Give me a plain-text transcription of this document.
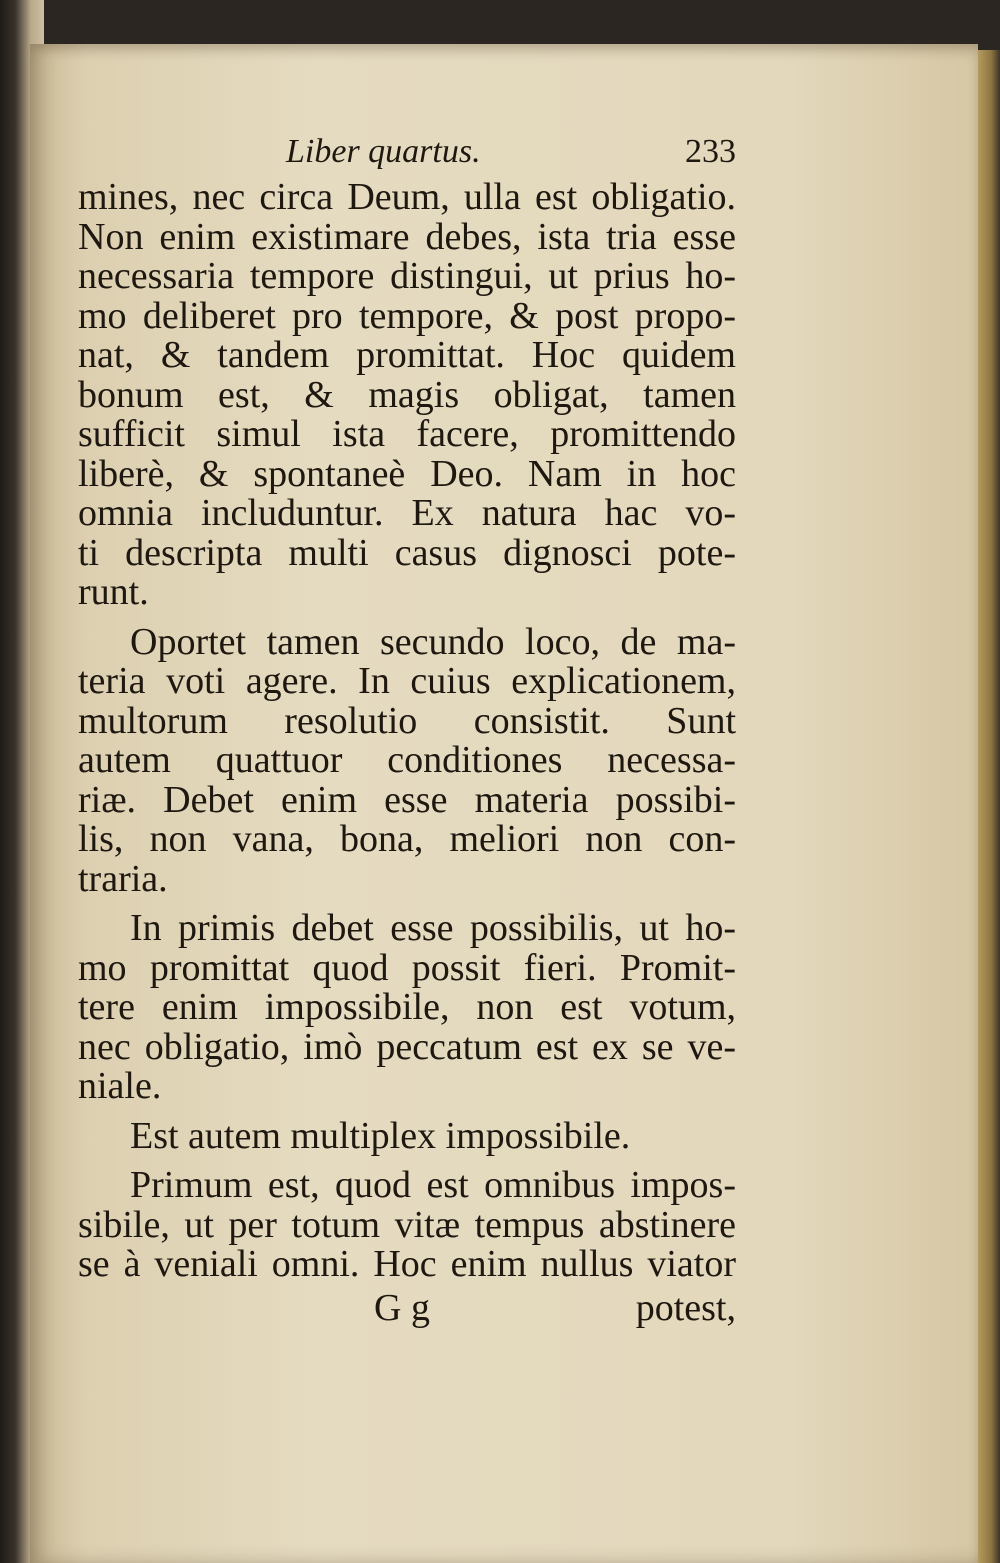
Liber quartus.	233
mines, nec circa Deum, ulla est obligatio.
Non enim existimare debes, ista tria esse
necessaria tempore distingui, ut prius ho-
mo deliberet pro tempore, & post propo-
nat, & tandem promittat. Hoc quidem
bonum est, & magis obligat, tamen
sufficit simul ista facere, promittendo
liberè, & spontaneè Deo. Nam in hoc
omnia includuntur. Ex natura hac vo-
ti descripta multi casus dignosci pote-
runt.
Oportet tamen secundo loco, de ma-
teria voti agere. In cuius explicationem,
multorum resolutio consistit. Sunt
autem quattuor conditiones necessa-
riæ. Debet enim esse materia possibi-
lis, non vana, bona, meliori non con-
traria.
In primis debet esse possibilis, ut ho-
mo promittat quod possit fieri. Promit-
tere enim impossibile, non est votum,
nec obligatio, imò peccatum est ex se ve-
niale.
Est autem multiplex impossibile.
Primum est, quod est omnibus impos-
sibile, ut per totum vitæ tempus abstinere
se à veniali omni. Hoc enim nullus viator
G g	potest,
